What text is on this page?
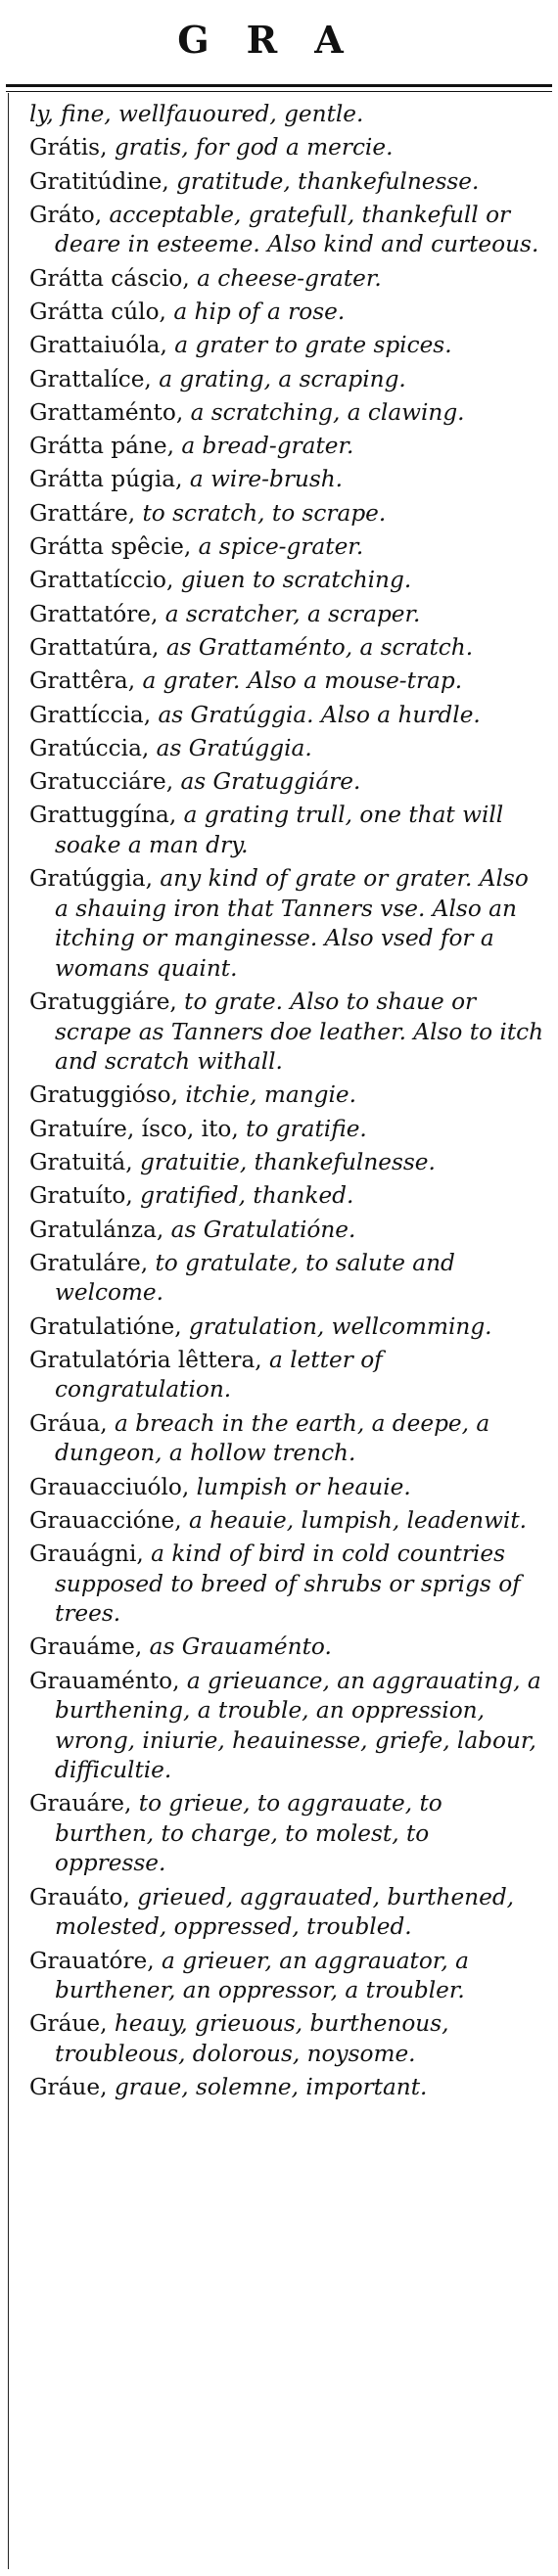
GRA
ly, fine, wellfauoured, gentle.
Grátis, gratis, for god a mercie.
Gratitúdine, gratitude, thankefulnesse.
Gráto, acceptable, gratefull, thankefull or deare in esteeme. Also kind and curteous.
Grátta cáscio, a cheese-grater.
Grátta cúlo, a hip of a rose.
Grattaiuóla, a grater to grate spices.
Grattalíce, a grating, a scraping.
Grattaménto, a scratching, a clawing.
Grátta páne, a bread-grater.
Grátta púgia, a wire-brush.
Grattáre, to scratch, to scrape.
Grátta spêcie, a spice-grater.
Grattatíccio, giuen to scratching.
Grattatóre, a scratcher, a scraper.
Grattatúra, as Grattaménto, a scratch.
Grattêra, a grater. Also a mouse-trap.
Grattíccia, as Gratúggia. Also a hurdle.
Gratúccia, as Gratúggia.
Gratucciáre, as Gratuggiáre.
Grattuggína, a grating trull, one that will soake a man dry.
Gratúggia, any kind of grate or grater. Also a shauing iron that Tanners vse. Also an itching or manginesse. Also vsed for a womans quaint.
Gratuggiáre, to grate. Also to shaue or scrape as Tanners doe leather. Also to itch and scratch withall.
Gratuggióso, itchie, mangie.
Gratuíre, ísco, ito, to gratifie.
Gratuitá, gratuitie, thankefulnesse.
Gratuíto, gratified, thanked.
Gratulánza, as Gratulatióne.
Gratuláre, to gratulate, to salute and welcome.
Gratulatióne, gratulation, wellcomming.
Gratulatória lêttera, a letter of congratulation.
Gráua, a breach in the earth, a deepe, a dungeon, a hollow trench.
Grauacciuólo, lumpish or heauie.
Grauaccióne, a heauie, lumpish, leadenwit.
Grauágni, a kind of bird in cold countries supposed to breed of shrubs or sprigs of trees.
Grauáme, as Grauaménto.
Grauaménto, a grieuance, an aggrauating, a burthening, a trouble, an oppression, wrong, iniurie, heauinesse, griefe, labour, difficultie.
Grauáre, to grieue, to aggrauate, to burthen, to charge, to molest, to oppresse.
Grauáto, grieued, aggrauated, burthened, molested, oppressed, troubled.
Grauatóre, a grieuer, an aggrauator, a burthener, an oppressor, a troubler.
Gráue, heauy, grieuous, burthenous, troubleous, dolorous, noysome.
Gráue, graue, solemne, important.
